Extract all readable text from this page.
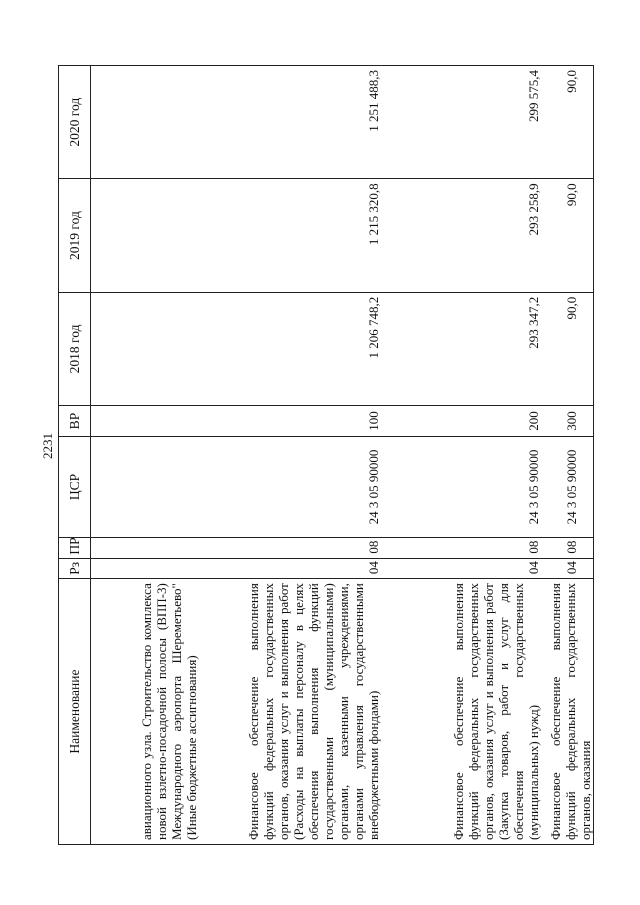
2231
Наименование	Рз	ПР	ЦСР	ВР	2018 год	2019 год	2020 год
авиационного узла. Строительство комплекса новой взлетно-посадочной полосы (ВПП-3) Международного аэропорта Шереметьево" (Иные бюджетные ассигнования)							
Финансовое обеспечение выполнения функций федеральных государственных органов, оказания услуг и выполнения работ (Расходы на выплаты персоналу в целях обеспечения выполнения функций государственными (муниципальными) органами, казенными учреждениями, органами управления государственными внебюджетными фондами)	04	08	24 3 05 90000	100	1 206 748,2	1 215 320,8	1 251 488,3
Финансовое обеспечение выполнения функций федеральных государственных органов, оказания услуг и выполнения работ (Закупка товаров, работ и услуг для обеспечения государственных (муниципальных) нужд)	04	08	24 3 05 90000	200	293 347,2	293 258,9	299 575,4
Финансовое обеспечение выполнения функций федеральных государственных органов, оказания	04	08	24 3 05 90000	300	90,0	90,0	90,0
